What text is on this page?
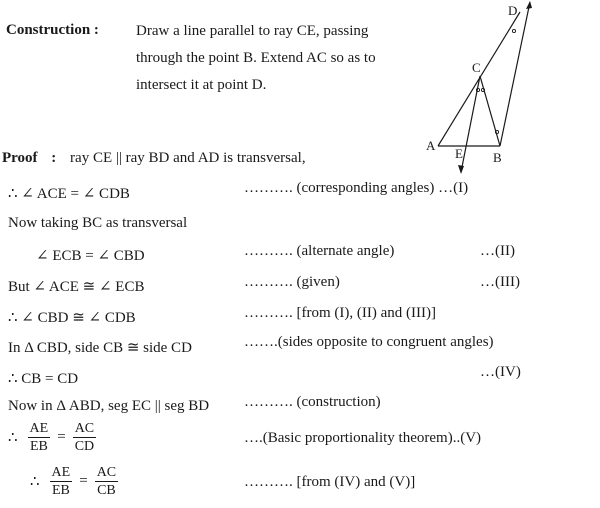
Construction : Draw a line parallel to ray CE, passing through the point B. Extend AC so as to intersect it at point D.
A
B
C
D
E
Proof : ray CE || ray BD and AD is transversal,
∴ ∠ ACE = ∠ CDB	………. (corresponding angles) …(I)
Now taking BC as transversal
∠ ECB = ∠ CBD	………. (alternate angle)	…(II)
But ∠ ACE ≅ ∠ ECB	………. (given)	…(III)
∴ ∠ CBD ≅ ∠ CDB	………. [from (I), (II) and (III)]
In Δ CBD, side CB ≅ side CD	…….(sides opposite to congruent angles)
∴ CB = CD	…(IV)
Now in Δ ABD, seg EC || seg BD ………. (construction)
∴ $\frac{AE}{EB} = \frac{AC}{CD}$	….(Basic proportionality theorem)..(V)
∴ $\frac{AE}{EB} = \frac{AC}{CB}$	………. [from (IV) and (V)]
